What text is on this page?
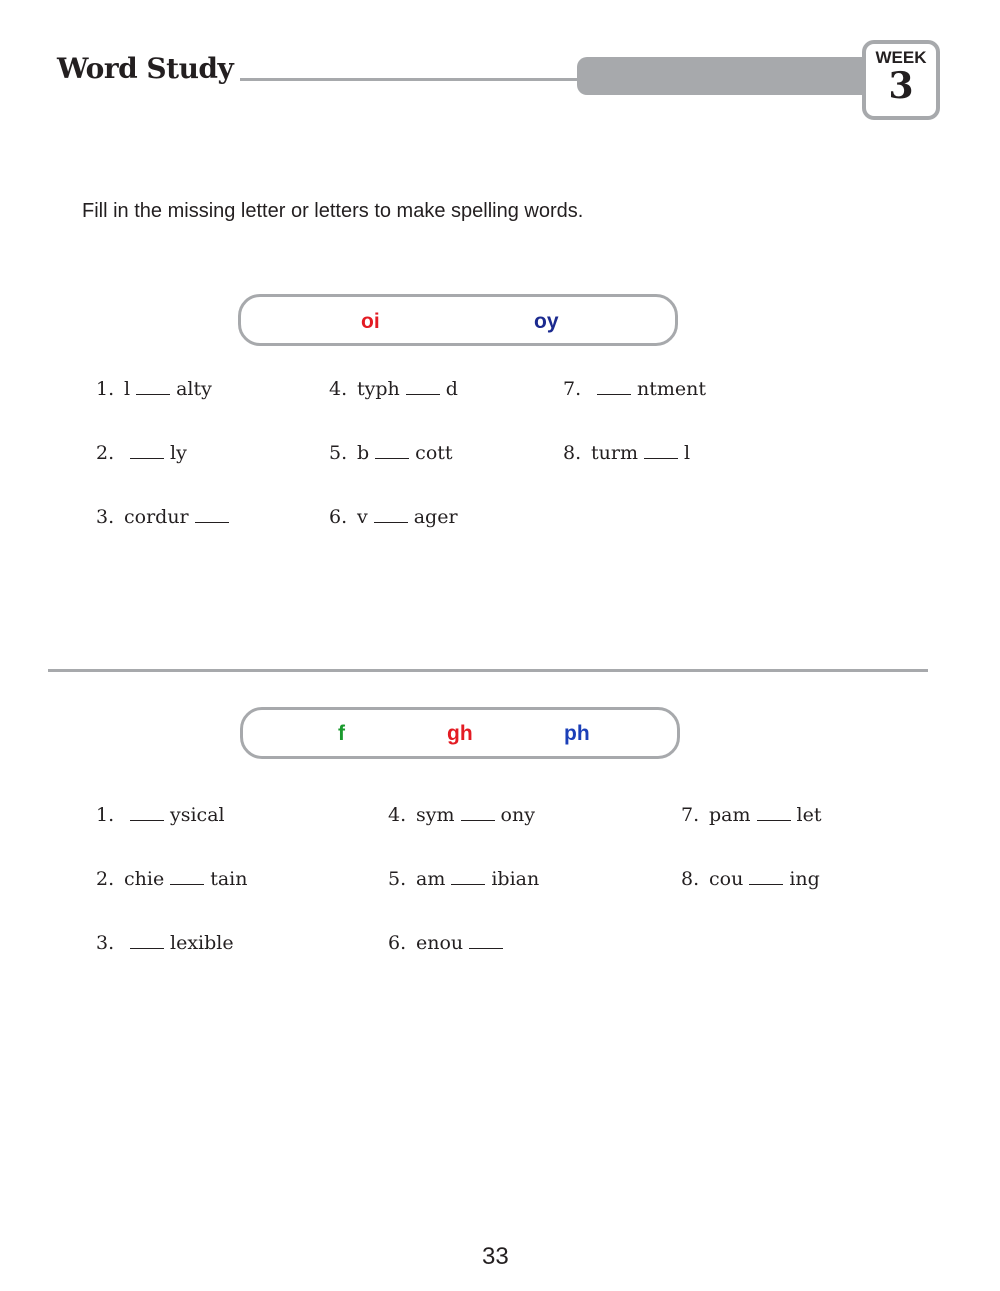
Word Study	WEEK
3
Fill in the missing letter or letters to make spelling words.
oi	oy
1. l alty
2.	ly
3. cordur
4. typh d
5. b cott
6. v ager
7.	ntment
8. turm l
f	gh	ph
1.	ysical
2. chie tain
3.	lexible
4. sym ony
5. am ibian
6. enou
7. pam let
8. cou ing
33
